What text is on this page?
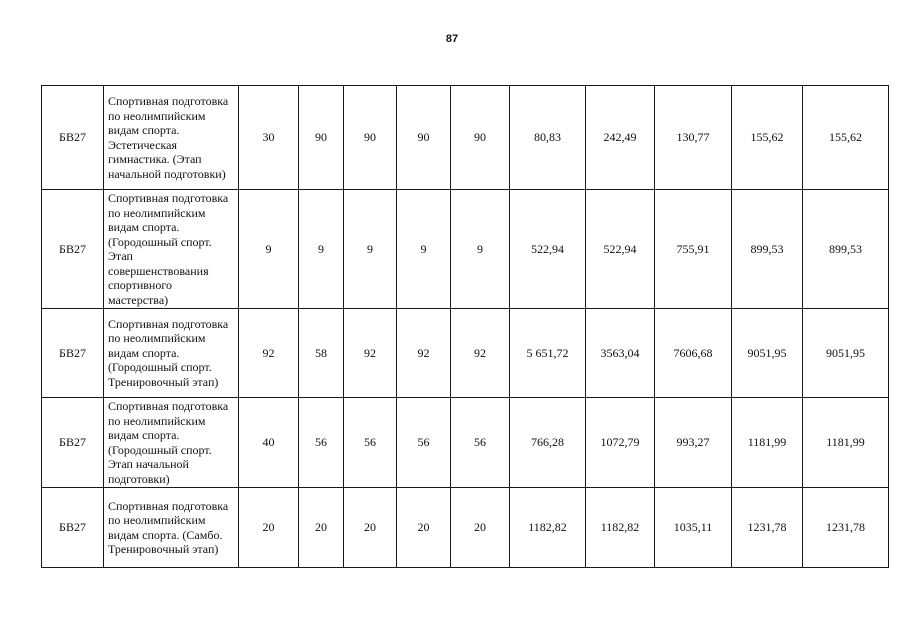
87
БВ27	Спортивная подготовка по неолимпийским видам спорта. Эстетическая гимнастика. (Этап начальной подготовки)	30	90	90	90	90	80,83	242,49	130,77	155,62	155,62
БВ27	Спортивная подготовка по неолимпийским видам спорта. (Городошный спорт. Этап совершенствования спортивного мастерства)	9	9	9	9	9	522,94	522,94	755,91	899,53	899,53
БВ27	Спортивная подготовка по неолимпийским видам спорта. (Городошный спорт. Тренировочный этап)	92	58	92	92	92	5 651,72	3563,04	7606,68	9051,95	9051,95
БВ27	Спортивная подготовка по неолимпийским видам спорта. (Городошный спорт. Этап начальной подготовки)	40	56	56	56	56	766,28	1072,79	993,27	1181,99	1181,99
БВ27	Спортивная подготовка по неолимпийским видам спорта. (Самбо. Тренировочный этап)	20	20	20	20	20	1182,82	1182,82	1035,11	1231,78	1231,78
